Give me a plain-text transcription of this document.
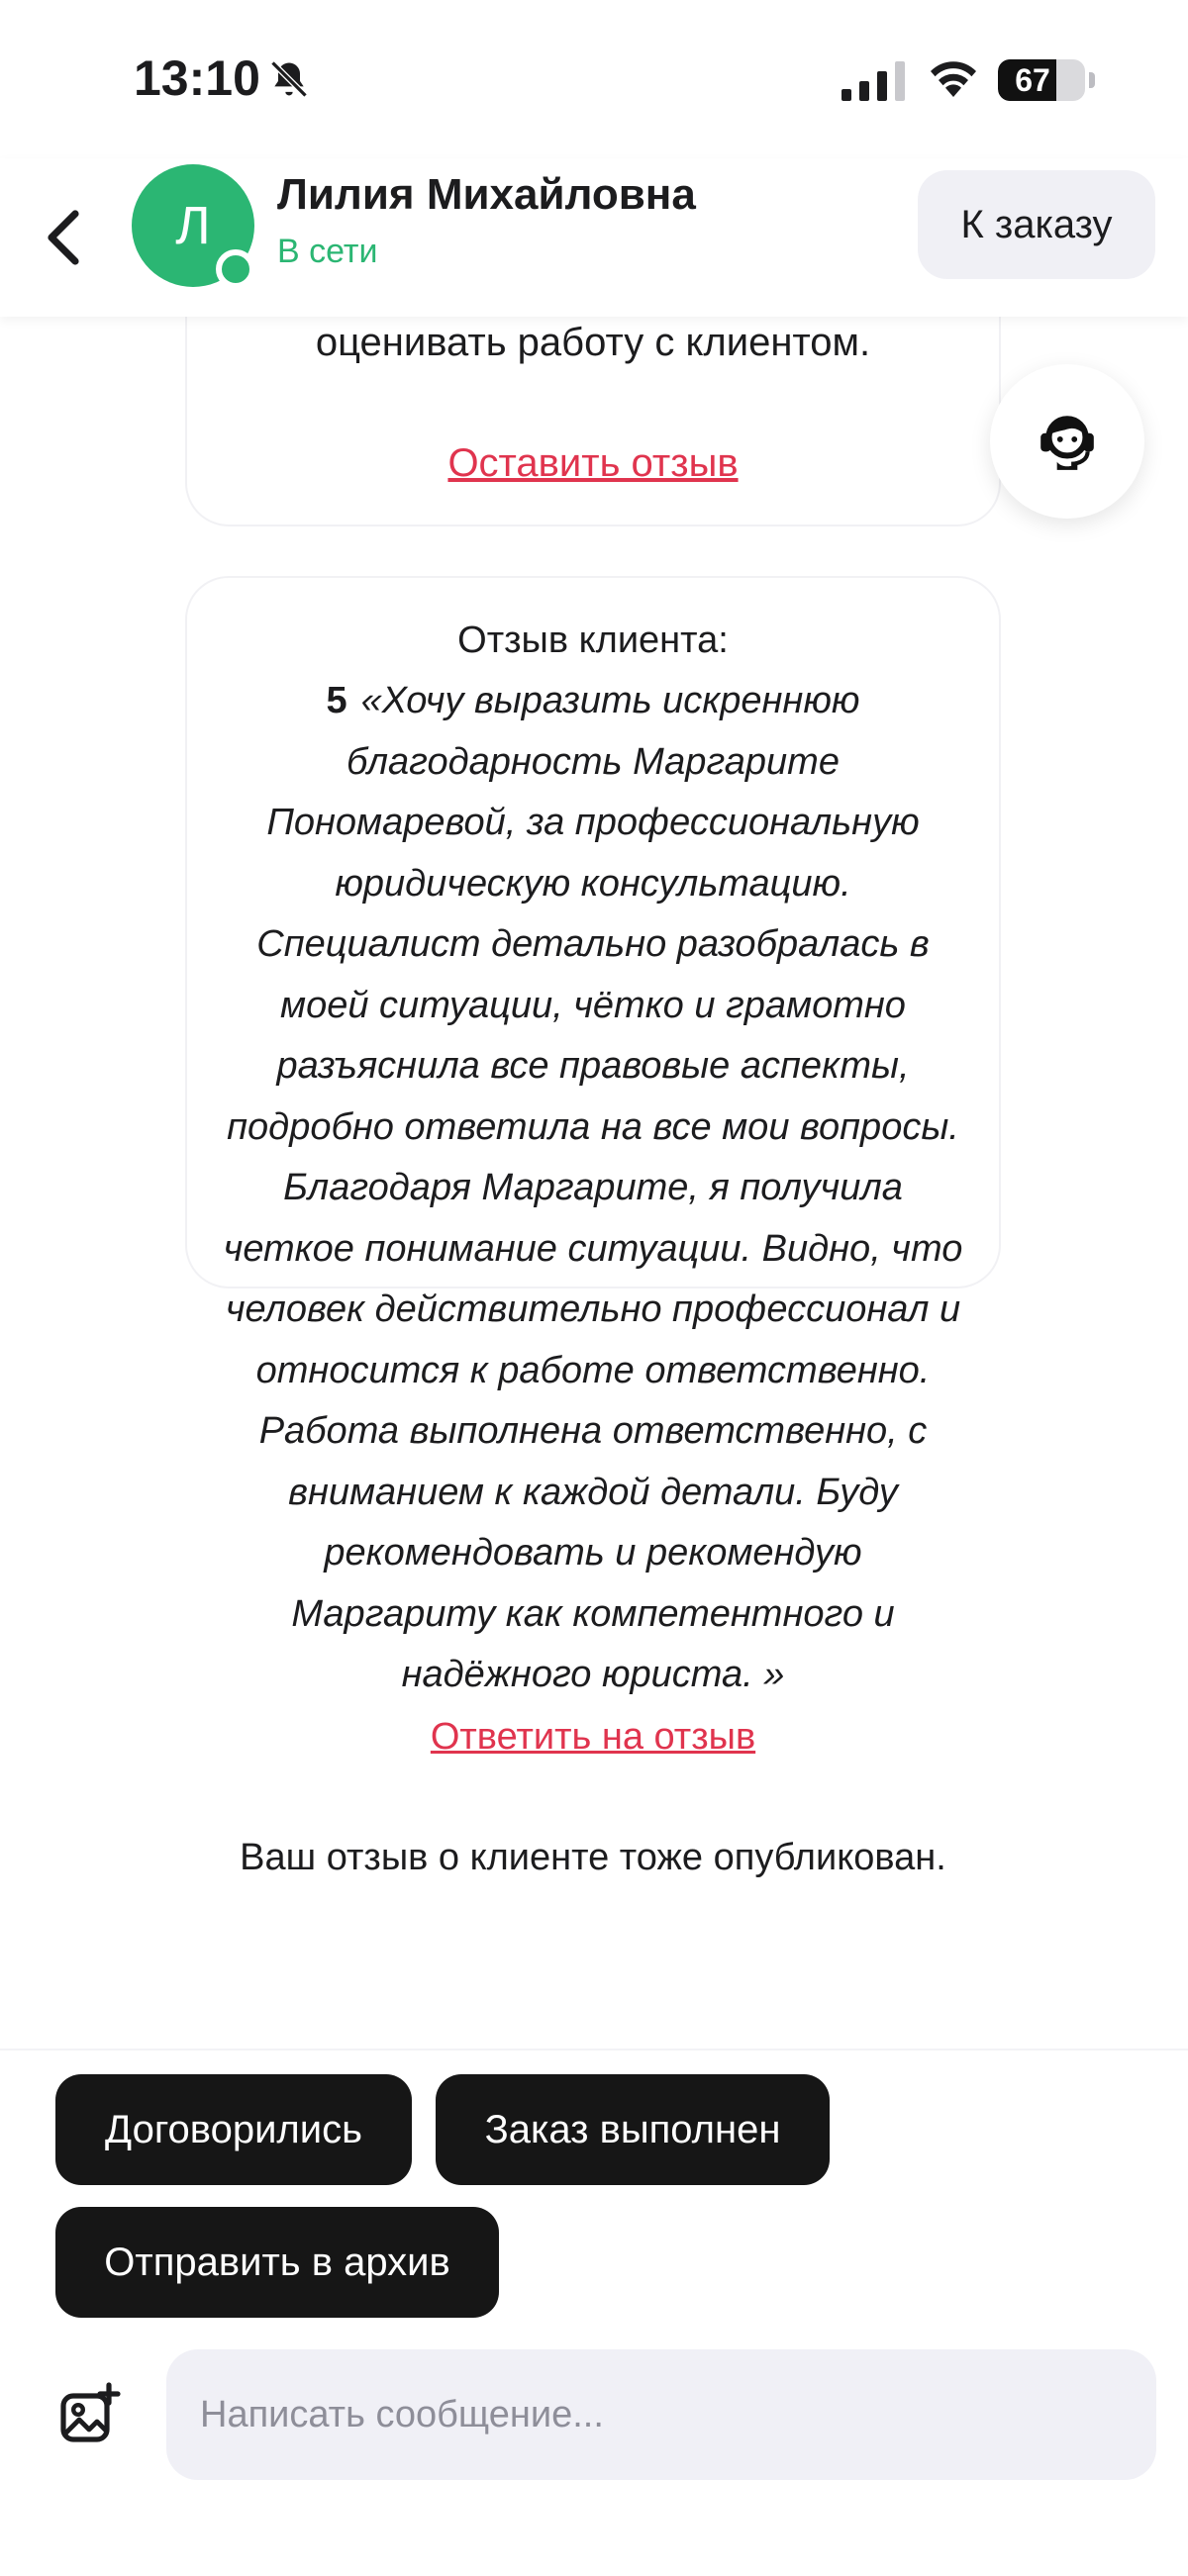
13:10	67
Л
Лилия Михайловна
В сети
К заказу
оценивать работу с клиентом.
Оставить отзыв
Отзыв клиента:
5 «Хочу выразить искреннюю благодарность Маргарите Пономаревой, за профессиональную юридическую консультацию. Специалист детально разобралась в моей ситуации, чётко и грамотно разъяснила все правовые аспекты, подробно ответила на все мои вопросы. Благодаря Маргарите, я получила четкое понимание ситуации. Видно, что человек действительно профессионал и относится к работе ответственно. Работа выполнена ответственно, с вниманием к каждой детали. Буду рекомендовать и рекомендую Маргариту как компетентного и надёжного юриста. »
Ответить на отзыв
Ваш отзыв о клиенте тоже опубликован.
Договорились	Заказ выполнен
Отправить в архив
Написать сообщение...
